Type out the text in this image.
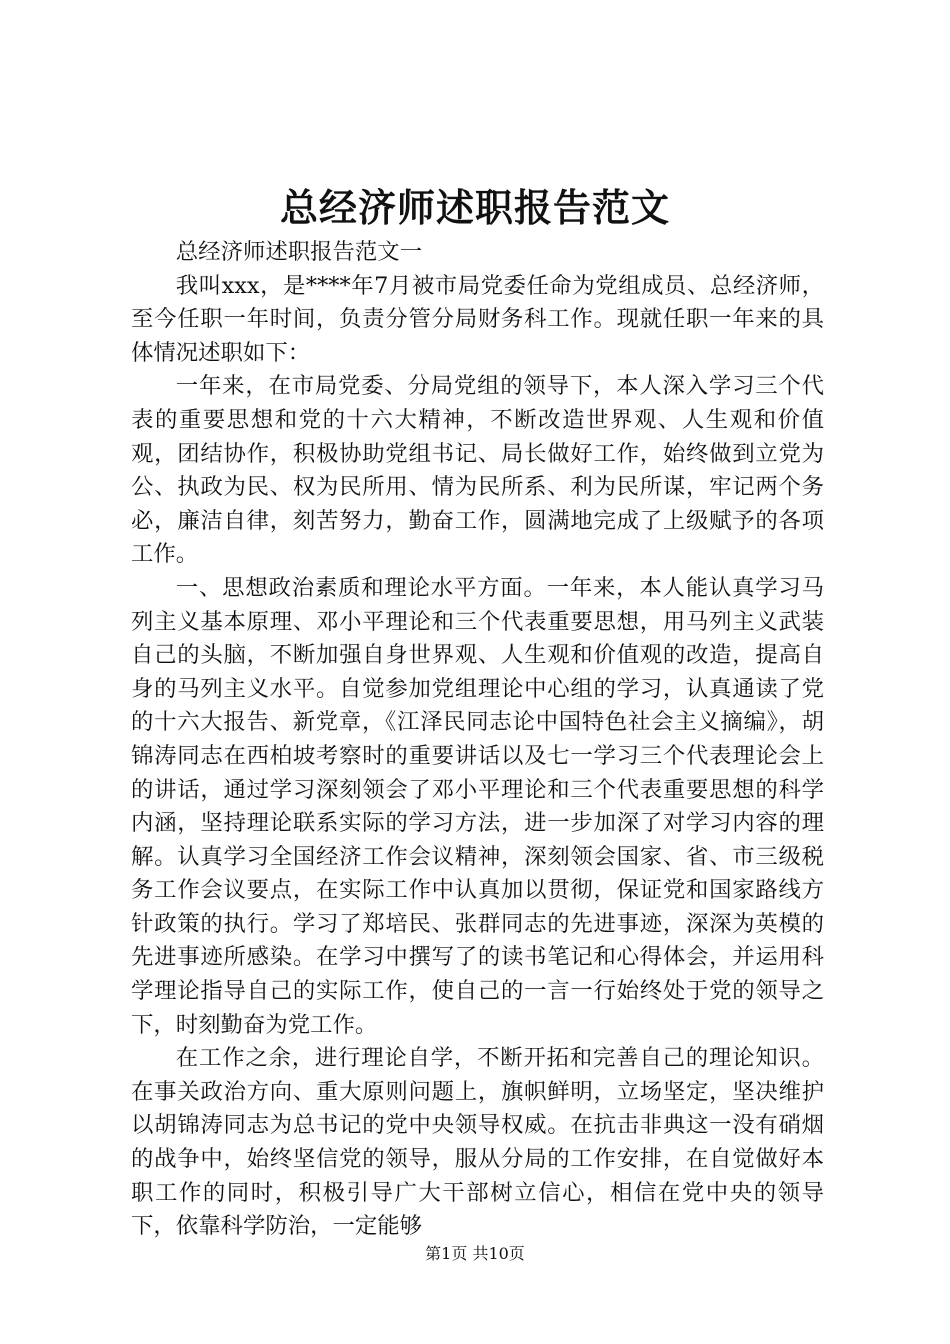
总经济师述职报告范文

总经济师述职报告范文一

我叫xxx，是****年7月被市局党委任命为党组成员、总经济师，至今任职一年时间，负责分管分局财务科工作。现就任职一年来的具体情况述职如下：

一年来，在市局党委、分局党组的领导下，本人深入学习三个代表的重要思想和党的十六大精神，不断改造世界观、人生观和价值观，团结协作，积极协助党组书记、局长做好工作，始终做到立党为公、执政为民、权为民所用、情为民所系、利为民所谋，牢记两个务必，廉洁自律，刻苦努力，勤奋工作，圆满地完成了上级赋予的各项工作。

一、思想政治素质和理论水平方面。一年来，本人能认真学习马列主义基本原理、邓小平理论和三个代表重要思想，用马列主义武装自己的头脑，不断加强自身世界观、人生观和价值观的改造，提高自身的马列主义水平。自觉参加党组理论中心组的学习，认真通读了党的十六大报告、新党章，《江泽民同志论中国特色社会主义摘编》，胡锦涛同志在西柏坡考察时的重要讲话以及七一学习三个代表理论会上的讲话，通过学习深刻领会了邓小平理论和三个代表重要思想的科学内涵，坚持理论联系实际的学习方法，进一步加深了对学习内容的理解。认真学习全国经济工作会议精神，深刻领会国家、省、市三级税务工作会议要点，在实际工作中认真加以贯彻，保证党和国家路线方针政策的执行。学习了郑培民、张群同志的先进事迹，深深为英模的先进事迹所感染。在学习中撰写了的读书笔记和心得体会，并运用科学理论指导自己的实际工作，使自己的一言一行始终处于党的领导之下，时刻勤奋为党工作。

在工作之余，进行理论自学，不断开拓和完善自己的理论知识。在事关政治方向、重大原则问题上，旗帜鲜明，立场坚定，坚决维护以胡锦涛同志为总书记的党中央领导权威。在抗击非典这一没有硝烟的战争中，始终坚信党的领导，服从分局的工作安排，在自觉做好本职工作的同时，积极引导广大干部树立信心，相信在党中央的领导下，依靠科学防治，一定能够

第1页 共10页
